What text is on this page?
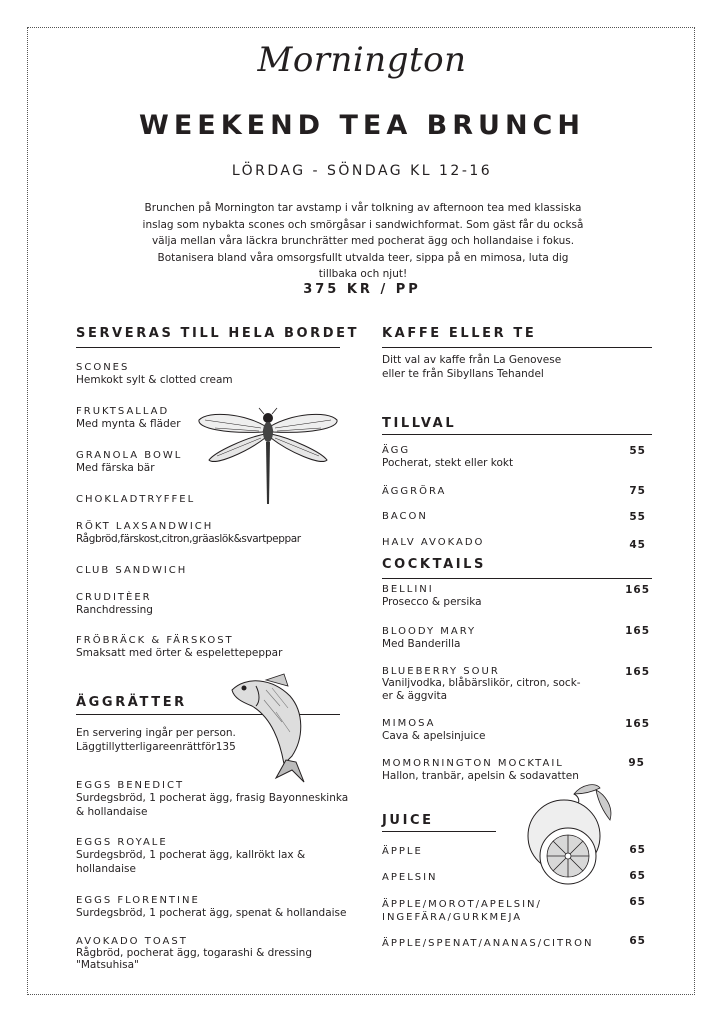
Mornington
WEEKEND TEA BRUNCH
LÖRDAG - SÖNDAG KL 12-16
Brunchen på Mornington tar avstamp i vår tolkning av afternoon tea med klassiska inslag som nybakta scones och smörgåsar i sandwichformat. Som gäst får du också välja mellan våra läckra brunchrätter med pocherat ägg och hollandaise i fokus. Botanisera bland våra omsorgsfullt utvalda teer, sippa på en mimosa, luta dig tillbaka och njut!
375 KR / PP
SERVERAS TILL HELA BORDET
SCONES
Hemkokt sylt & clotted cream
FRUKTSALLAD
Med mynta & fläder
GRANOLA BOWL
Med färska bär
CHOKLADTRYFFEL
RÖKT LAXSANDWICH
Rågbröd,färskost,citron,gräaslök&svartpeppar
CLUB SANDWICH
CRUDITÈER
Ranchdressing
FRÖBRÄCK & FÄRSKOST
Smaksatt med örter & espelettepeppar
ÄGGRÄTTER
En servering ingår per person.
Läggtillytterligareenrättför135
EGGS BENEDICT
Surdegsbröd, 1 pocherat ägg, frasig Bayonneskinka
& hollandaise
EGGS ROYALE
Surdegsbröd, 1 pocherat ägg, kallrökt lax &
hollandaise
EGGS FLORENTINE
Surdegsbröd, 1 pocherat ägg, spenat & hollandaise
AVOKADO TOAST
Rågbröd, pocherat ägg, togarashi & dressing
"Matsuhisa"
KAFFE ELLER TE
Ditt val av kaffe från La Genovese
eller te från Sibyllans Tehandel
TILLVAL
ÄGG
Pocherat, stekt eller kokt
55
ÄGGRÖRA	75
BACON	55
HALV AVOKADO	45
COCKTAILS
BELLINI
Prosecco & persika
165
BLOODY MARY
Med Banderilla
165
BLUEBERRY SOUR
Vaniljvodka, blåbärslikör, citron, sock-
er & äggvita
165
MIMOSA
Cava & apelsinjuice
165
MOMORNINGTON MOCKTAIL
Hallon, tranbär, apelsin & sodavatten
95
JUICE
ÄPPLE	65
APELSIN	65
ÄPPLE/MOROT/APELSIN/
INGEFÄRA/GURKMEJA
65
ÄPPLE/SPENAT/ANANAS/CITRON	65
